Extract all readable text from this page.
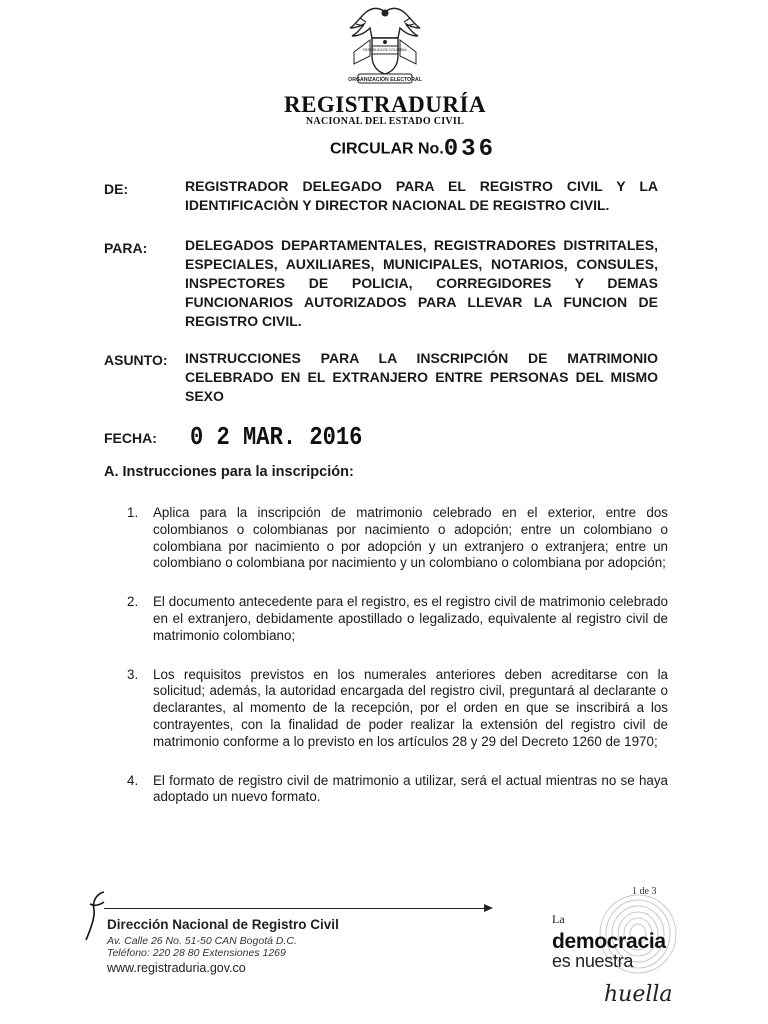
ORGANIZACIÓN ELECTORAL
REPÚBLICA DE COLOMBIA
REGISTRADURÍA
NACIONAL DEL ESTADO CIVIL
CIRCULAR No.036
DE:	REGISTRADOR DELEGADO PARA EL REGISTRO CIVIL Y LA IDENTIFICACIÒN Y DIRECTOR NACIONAL DE REGISTRO CIVIL.
PARA:	DELEGADOS DEPARTAMENTALES, REGISTRADORES DISTRITALES, ESPECIALES, AUXILIARES, MUNICIPALES, NOTARIOS, CONSULES, INSPECTORES DE POLICIA, CORREGIDORES Y DEMAS FUNCIONARIOS AUTORIZADOS PARA LLEVAR LA FUNCION DE REGISTRO CIVIL.
ASUNTO: INSTRUCCIONES PARA LA INSCRIPCIÓN DE MATRIMONIO CELEBRADO EN EL EXTRANJERO ENTRE PERSONAS DEL MISMO SEXO
FECHA: 0 2 MAR. 2016
A. Instrucciones para la inscripción:
1. Aplica para la inscripción de matrimonio celebrado en el exterior, entre dos colombianos o colombianas por nacimiento o adopción; entre un colombiano o colombiana por nacimiento o por adopción y un extranjero o extranjera; entre un colombiano o colombiana por nacimiento y un colombiano o colombiana por adopción;
2. El documento antecedente para el registro, es el registro civil de matrimonio celebrado en el extranjero, debidamente apostillado o legalizado, equivalente al registro civil de matrimonio colombiano;
3. Los requisitos previstos en los numerales anteriores deben acreditarse con la solicitud; además, la autoridad encargada del registro civil, preguntará al declarante o declarantes, al momento de la recepción, por el orden en que se inscribirá a los contrayentes, con la finalidad de poder realizar la extensión del registro civil de matrimonio conforme a lo previsto en los artículos 28 y 29 del Decreto 1260 de 1970;
4. El formato de registro civil de matrimonio a utilizar, será el actual mientras no se haya adoptado un nuevo formato.
1 de 3
Dirección Nacional de Registro Civil
Av. Calle 26 No. 51-50 CAN Bogotá D.C.
Teléfono: 220 28 80 Extensiones 1269
www.registraduria.gov.co
La
democracia
es nuestra
huella
